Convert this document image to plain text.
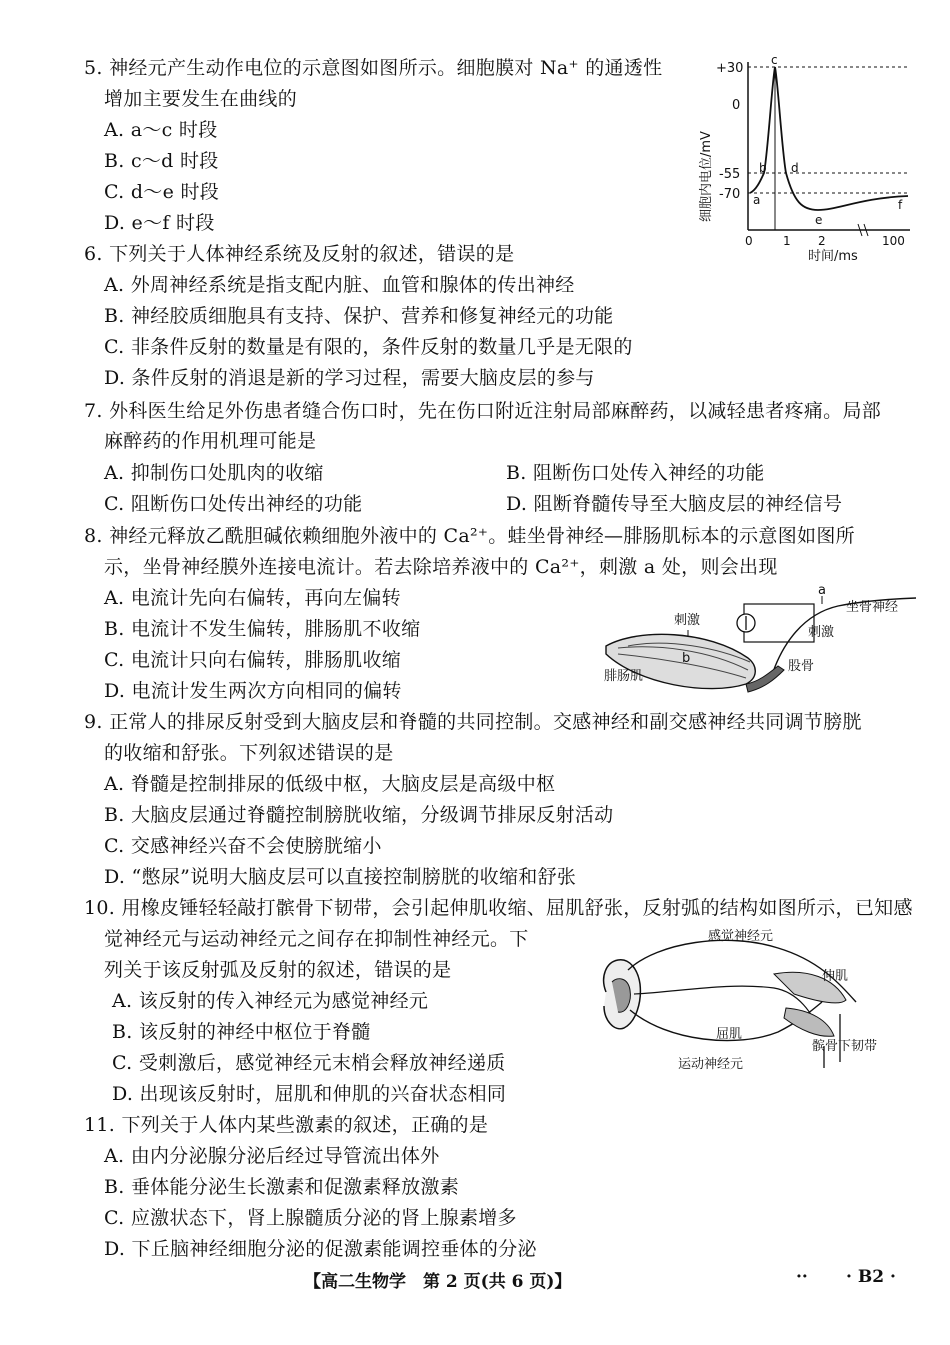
5. 神经元产生动作电位的示意图如图所示。细胞膜对 Na⁺ 的通透性
增加主要发生在曲线的
A. a～c 时段
B. c～d 时段
C. d～e 时段
D. e～f 时段
细胞内电位/mV
+30
0
-55
-70 a
b
c
d
e
f
0	1 2	100
时间/ms
6. 下列关于人体神经系统及反射的叙述，错误的是
A. 外周神经系统是指支配内脏、血管和腺体的传出神经
B. 神经胶质细胞具有支持、保护、营养和修复神经元的功能
C. 非条件反射的数量是有限的，条件反射的数量几乎是无限的
D. 条件反射的消退是新的学习过程，需要大脑皮层的参与
7. 外科医生给足外伤患者缝合伤口时，先在伤口附近注射局部麻醉药，以减轻患者疼痛。局部
麻醉药的作用机理可能是
A. 抑制伤口处肌肉的收缩	B. 阻断伤口处传入神经的功能
C. 阻断伤口处传出神经的功能	D. 阻断脊髓传导至大脑皮层的神经信号
8. 神经元释放乙酰胆碱依赖细胞外液中的 Ca²⁺。蛙坐骨神经—腓肠肌标本的示意图如图所
示，坐骨神经膜外连接电流计。若去除培养液中的 Ca²⁺，刺激 a 处，则会出现
A. 电流计先向右偏转，再向左偏转
B. 电流计不发生偏转，腓肠肌不收缩
C. 电流计只向右偏转，腓肠肌收缩
D. 电流计发生两次方向相同的偏转
a
坐骨神经
刺激
刺激
b
腓肠肌
股骨
9. 正常人的排尿反射受到大脑皮层和脊髓的共同控制。交感神经和副交感神经共同调节膀胱
的收缩和舒张。下列叙述错误的是
A. 脊髓是控制排尿的低级中枢，大脑皮层是高级中枢
B. 大脑皮层通过脊髓控制膀胱收缩，分级调节排尿反射活动
C. 交感神经兴奋不会使膀胱缩小
D. “憋尿”说明大脑皮层可以直接控制膀胱的收缩和舒张
10. 用橡皮锤轻轻敲打髌骨下韧带，会引起伸肌收缩、屈肌舒张，反射弧的结构如图所示，已知感
觉神经元与运动神经元之间存在抑制性神经元。下
列关于该反射弧及反射的叙述，错误的是
A. 该反射的传入神经元为感觉神经元
B. 该反射的神经中枢位于脊髓
C. 受刺激后，感觉神经元末梢会释放神经递质
D. 出现该反射时，屈肌和伸肌的兴奋状态相同
感觉神经元
伸肌
屈肌
髌骨下韧带
运动神经元
11. 下列关于人体内某些激素的叙述，正确的是
A. 由内分泌腺分泌后经过导管流出体外
B. 垂体能分泌生长激素和促激素释放激素
C. 应激状态下，肾上腺髓质分泌的肾上腺素增多
D. 下丘脑神经细胞分泌的促激素能调控垂体的分泌
【高二生物学　第 2 页(共 6 页)】	·· · B2 ·
